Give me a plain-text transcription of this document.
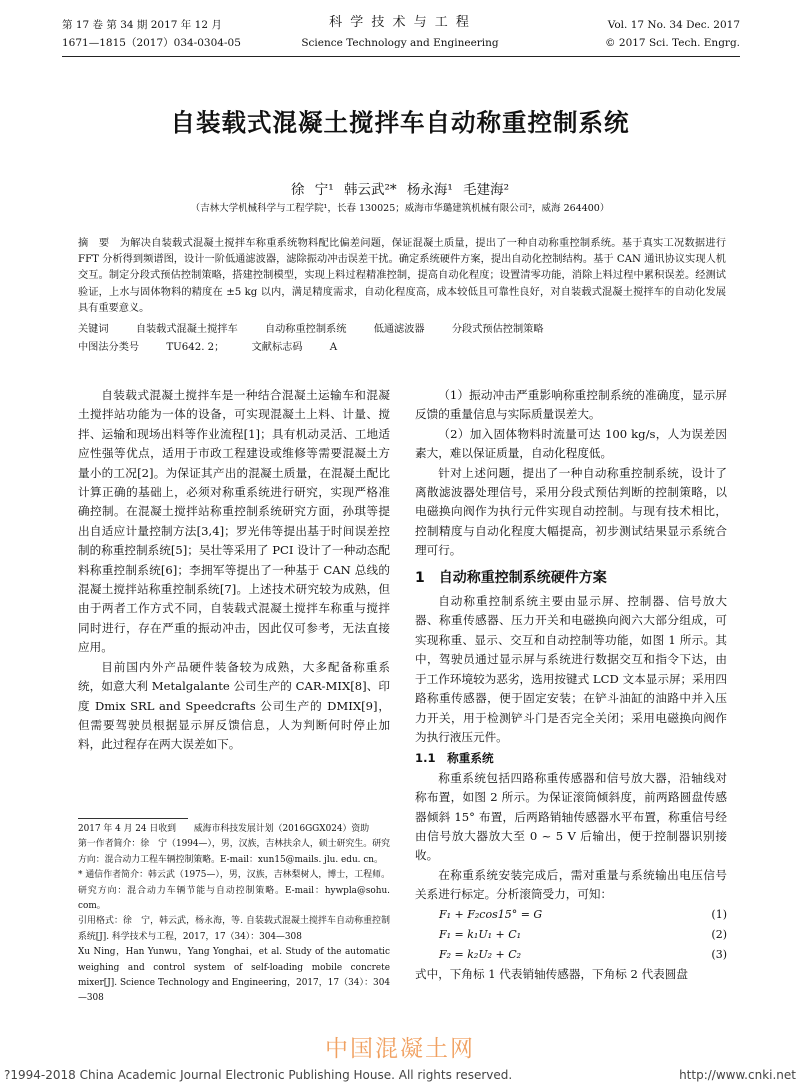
第 17 卷 第 34 期 2017 年 12 月
1671—1815（2017）034-0304-05
科 学 技 术 与 工 程
Science Technology and Engineering
Vol. 17 No. 34 Dec. 2017
© 2017 Sci. Tech. Engrg.
自装载式混凝土搅拌车自动称重控制系统
徐 宁¹ 韩云武²* 杨永海¹ 毛建海²
（吉林大学机械科学与工程学院¹，长春 130025；威海市华璐建筑机械有限公司²，威海 264400）
摘　要　 为解决自装载式混凝土搅拌车称重系统物料配比偏差问题，保证混凝土质量，提出了一种自动称重控制系统。基于真实工况数据进行 FFT 分析得到频谱图，设计一阶低通滤波器，滤除振动冲击误差干扰。确定系统硬件方案，提出自动化控制结构。基于 CAN 通讯协议实现人机交互。制定分段式预估控制策略，搭建控制模型，实现上料过程精准控制，提高自动化程度；设置清零功能，消除上料过程中累积误差。经测试验证，上水与固体物料的精度在 ±5 kg 以内，满足精度需求，自动化程度高，成本较低且可靠性良好，对自装载式混凝土搅拌车的自动化发展具有重要意义。
关键词	自装载式混凝土搅拌车	自动称重控制系统	低通滤波器	分段式预估控制策略
中图法分类号	TU642. 2；	文献标志码	A

自装载式混凝土搅拌车是一种结合混凝土运输车和混凝土搅拌站功能为一体的设备，可实现混凝土上料、计量、搅拌、运输和现场出料等作业流程[1]；具有机动灵活、工地适应性强等优点，适用于市政工程建设或维修等需要混凝土方量小的工况[2]。为保证其产出的混凝土质量，在混凝土配比计算正确的基础上，必须对称重系统进行研究，实现严格准确控制。在混凝土搅拌站称重控制系统研究方面，孙琪等提出自适应计量控制方法[3,4]；罗光伟等提出基于时间误差控制的称重控制系统[5]；吴壮等采用了 PCI 设计了一种动态配料称重控制系统[6]；李拥军等提出了一种基于 CAN 总线的混凝土搅拌站称重控制系统[7]。上述技术研究较为成熟，但由于两者工作方式不同，自装载式混凝土搅拌车称重与搅拌同时进行，存在严重的振动冲击，因此仅可参考，无法直接应用。

目前国内外产品硬件装备较为成熟，大多配备称重系统，如意大利 Metalgalante 公司生产的 CAR-MIX[8]、印度 Dmix SRL and Speedcrafts 公司生产的 DMIX[9]，但需要驾驶员根据显示屏反馈信息，人为判断何时停止加料，此过程存在两大误差如下。

2017 年 4 月 24 日收到　　威海市科技发展计划（2016GGX024）资助

第一作者简介：徐　宁（1994—），男，汉族，吉林扶余人，硕士研究生。研究方向：混合动力工程车辆控制策略。E-mail：xun15@mails. jlu. edu. cn。

* 通信作者简介：韩云武（1975—），男，汉族，吉林梨树人，博士，工程师。研究方向：混合动力车辆节能与自动控制策略。E-mail：hywpla@sohu. com。

引用格式：徐　宁，韩云武，杨永海，等. 自装载式混凝土搅拌车自动称重控制系统[J]. 科学技术与工程，2017，17（34）：304—308

Xu Ning，Han Yunwu，Yang Yonghai，et al. Study of the automatic weighing and control system of self-loading mobile concrete mixer[J]. Science Technology and Engineering，2017，17（34）：304—308

（1）振动冲击严重影响称重控制系统的准确度，显示屏反馈的重量信息与实际质量误差大。

（2）加入固体物料时流量可达 100 kg/s，人为误差因素大，难以保证质量，自动化程度低。

针对上述问题，提出了一种自动称重控制系统，设计了离散滤波器处理信号，采用分段式预估判断的控制策略，以电磁换向阀作为执行元件实现自动控制。与现有技术相比，控制精度与自动化程度大幅提高，初步测试结果显示系统合理可行。

1　 自动称重控制系统硬件方案

自动称重控制系统主要由显示屏、控制器、信号放大器、称重传感器、压力开关和电磁换向阀六大部分组成，可实现称重、显示、交互和自动控制等功能，如图 1 所示。其中，驾驶员通过显示屏与系统进行数据交互和指令下达，由于工作环境较为恶劣，选用按键式 LCD 文本显示屏；采用四路称重传感器，便于固定安装；在铲斗油缸的油路中并入压力开关，用于检测铲斗门是否完全关闭；采用电磁换向阀作为执行液压元件。

1.1　 称重系统

称重系统包括四路称重传感器和信号放大器，沿轴线对称布置，如图 2 所示。为保证滚筒倾斜度，前两路圆盘传感器倾斜 15° 布置，后两路销轴传感器水平布置，称重信号经由信号放大器放大至 0 ~ 5 V 后输出，便于控制器识别接收。

在称重系统安装完成后，需对重量与系统输出电压信号关系进行标定。分析滚筒受力，可知：

F₁ + F₂cos15° = G	(1)
F₁ = k₁U₁ + C₁	(2)
F₂ = k₂U₂ + C₂	(3)

式中，下角标 1 代表销轴传感器，下角标 2 代表圆盘

中国混凝土网
?1994-2018 China Academic Journal Electronic Publishing House. All rights reserved.	http://www.cnki.net
